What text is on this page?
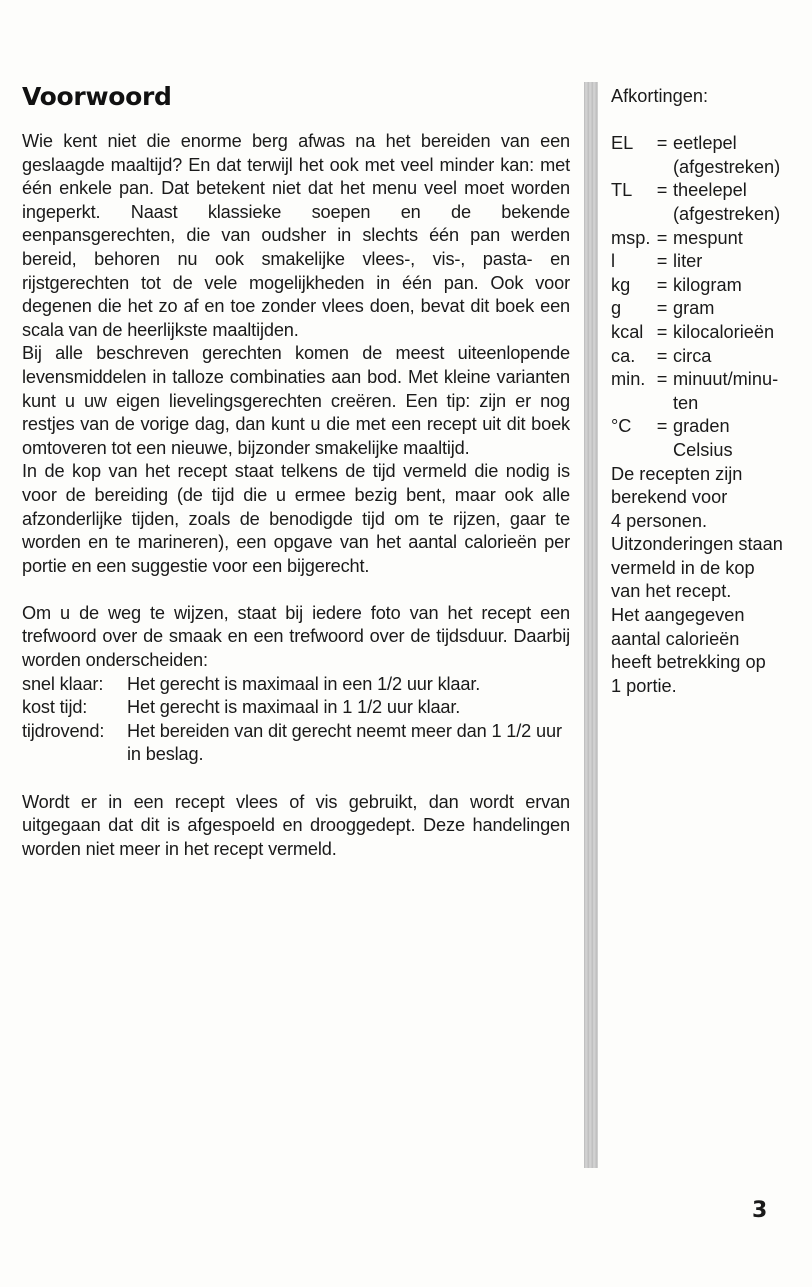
Voorwoord

Wie kent niet die enorme berg afwas na het bereiden van een geslaagde maaltijd? En dat terwijl het ook met veel minder kan: met één enkele pan. Dat betekent niet dat het menu veel moet worden ingeperkt. Naast klassieke soepen en de bekende eenpansgerechten, die van oudsher in slechts één pan werden bereid, behoren nu ook smakelijke vlees-, vis-, pasta- en rijstgerechten tot de vele mogelijkheden in één pan. Ook voor degenen die het zo af en toe zonder vlees doen, bevat dit boek een scala van de heerlijkste maaltijden.

Bij alle beschreven gerechten komen de meest uiteenlopende levensmiddelen in talloze combinaties aan bod. Met kleine varianten kunt u uw eigen lievelingsgerechten creëren. Een tip: zijn er nog restjes van de vorige dag, dan kunt u die met een recept uit dit boek omtoveren tot een nieuwe, bijzonder smakelijke maaltijd.

In de kop van het recept staat telkens de tijd vermeld die nodig is voor de bereiding (de tijd die u ermee bezig bent, maar ook alle afzonderlijke tijden, zoals de benodigde tijd om te rijzen, gaar te worden en te marineren), een opgave van het aantal calorieën per portie en een suggestie voor een bijgerecht.

Om u de weg te wijzen, staat bij iedere foto van het recept een trefwoord over de smaak en een trefwoord over de tijdsduur. Daarbij worden onderscheiden:

snel klaar:	Het gerecht is maximaal in een 1/2 uur klaar.
kost tijd:	Het gerecht is maximaal in 1 1/2 uur klaar.
tijdrovend:	Het bereiden van dit gerecht neemt meer dan 1 1/2 uur in beslag.

Wordt er in een recept vlees of vis gebruikt, dan wordt ervan uitgegaan dat dit is afgespoeld en drooggedept. Deze handelingen worden niet meer in het recept vermeld.

Afkortingen:

EL	= eetlepel
(afgestreken)
TL	= theelepel
(afgestreken)
msp. = mespunt
l	= liter
kg	= kilogram
g	= gram
kcal = kilocalorieën
ca.	= circa
min. = minuut/minu-
ten
°C	= graden
Celsius

De recepten zijn
berekend voor
4 personen.
Uitzonderingen staan
vermeld in de kop
van het recept.
Het aangegeven
aantal calorieën
heeft betrekking op
1 portie.

3
